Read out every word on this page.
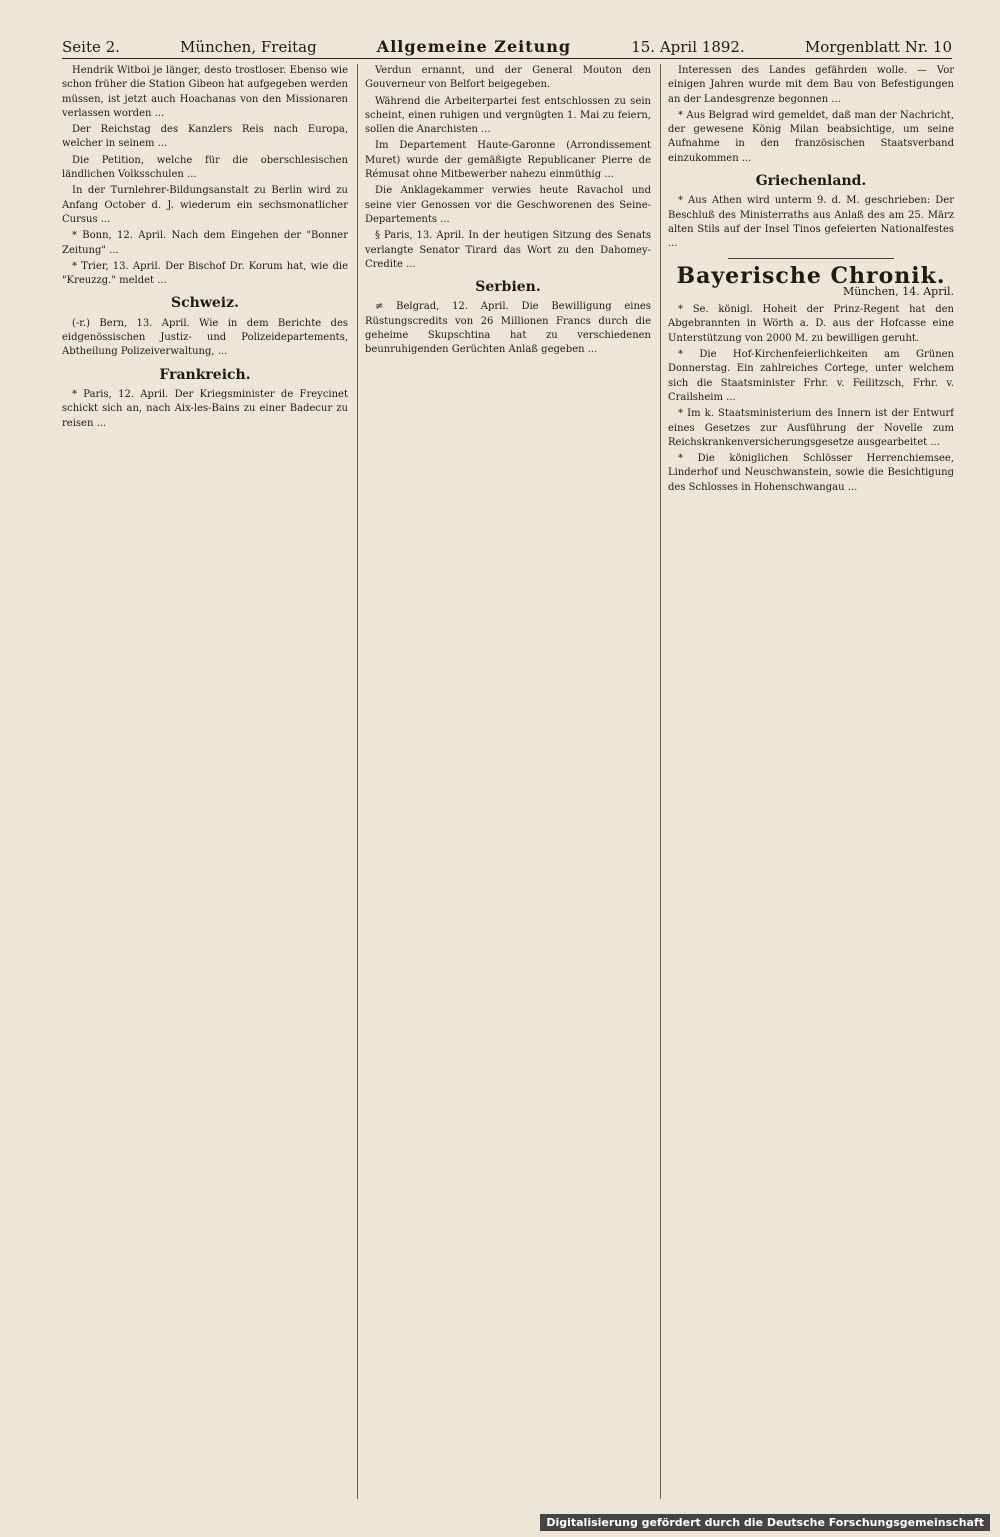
Seite 2.	München, Freitag	Allgemeine Zeitung	15. April 1892.	Morgenblatt Nr. 10

Hendrik Witboi je länger, desto trostloser. Ebenso wie schon früher die Station Gibeon hat aufgegeben werden müssen, ist jetzt auch Hoachanas von den Missionaren verlassen worden ...

Der Reichstag des Kanzlers Reis nach Europa, welcher in seinem ...

Die Petition, welche für die oberschlesischen ländlichen Volksschulen ...

In der Turnlehrer-Bildungsanstalt zu Berlin wird zu Anfang October d. J. wiederum ein sechsmonatlicher Cursus ...

* Bonn, 12. April. Nach dem Eingehen der "Bonner Zeitung" ...

* Trier, 13. April. Der Bischof Dr. Korum hat, wie die "Kreuzzg." meldet ...

Schweiz.

(-r.) Bern, 13. April. Wie in dem Berichte des eidgenössischen Justiz- und Polizeidepartements, Abtheilung Polizeiverwaltung, ...

Frankreich.

* Paris, 12. April. Der Kriegsminister de Freycinet schickt sich an, nach Aix-les-Bains zu einer Badecur zu reisen ...

Verdun ernannt, und der General Mouton den Gouverneur von Belfort beigegeben.

Während die Arbeiterpartei fest entschlossen zu sein scheint, einen ruhigen und vergnügten 1. Mai zu feiern, sollen die Anarchisten ...

Im Departement Haute-Garonne (Arrondissement Muret) wurde der gemäßigte Republicaner Pierre de Rémusat ohne Mitbewerber nahezu einmüthig ...

Die Anklagekammer verwies heute Ravachol und seine vier Genossen vor die Geschworenen des Seine-Departements ...

§ Paris, 13. April. In der heutigen Sitzung des Senats verlangte Senator Tirard das Wort zu den Dahomey-Credite ...

Serbien.

≠ Belgrad, 12. April. Die Bewilligung eines Rüstungscredits von 26 Millionen Francs durch die geheime Skupschtina hat zu verschiedenen beunruhigenden Gerüchten Anlaß gegeben ...

Interessen des Landes gefährden wolle. — Vor einigen Jahren wurde mit dem Bau von Befestigungen an der Landesgrenze begonnen ...

* Aus Belgrad wird gemeldet, daß man der Nachricht, der gewesene König Milan beabsichtige, um seine Aufnahme in den französischen Staatsverband einzukommen ...

Griechenland.

* Aus Athen wird unterm 9. d. M. geschrieben: Der Beschluß des Ministerraths aus Anlaß des am 25. März alten Stils auf der Insel Tinos gefeierten Nationalfestes ...

Bayerische Chronik.
München, 14. April.

* Se. königl. Hoheit der Prinz-Regent hat den Abgebrannten in Wörth a. D. aus der Hofcasse eine Unterstützung von 2000 M. zu bewilligen geruht.

* Die Hof-Kirchenfeierlichkeiten am Grünen Donnerstag. Ein zahlreiches Cortege, unter welchem sich die Staatsminister Frhr. v. Feilitzsch, Frhr. v. Crailsheim ...

* Im k. Staatsministerium des Innern ist der Entwurf eines Gesetzes zur Ausführung der Novelle zum Reichskrankenversicherungsgesetze ausgearbeitet ...

* Die königlichen Schlösser Herrenchiemsee, Linderhof und Neuschwanstein, sowie die Besichtigung des Schlosses in Hohenschwangau ...

Digitalisierung gefördert durch die Deutsche Forschungsgemeinschaft
